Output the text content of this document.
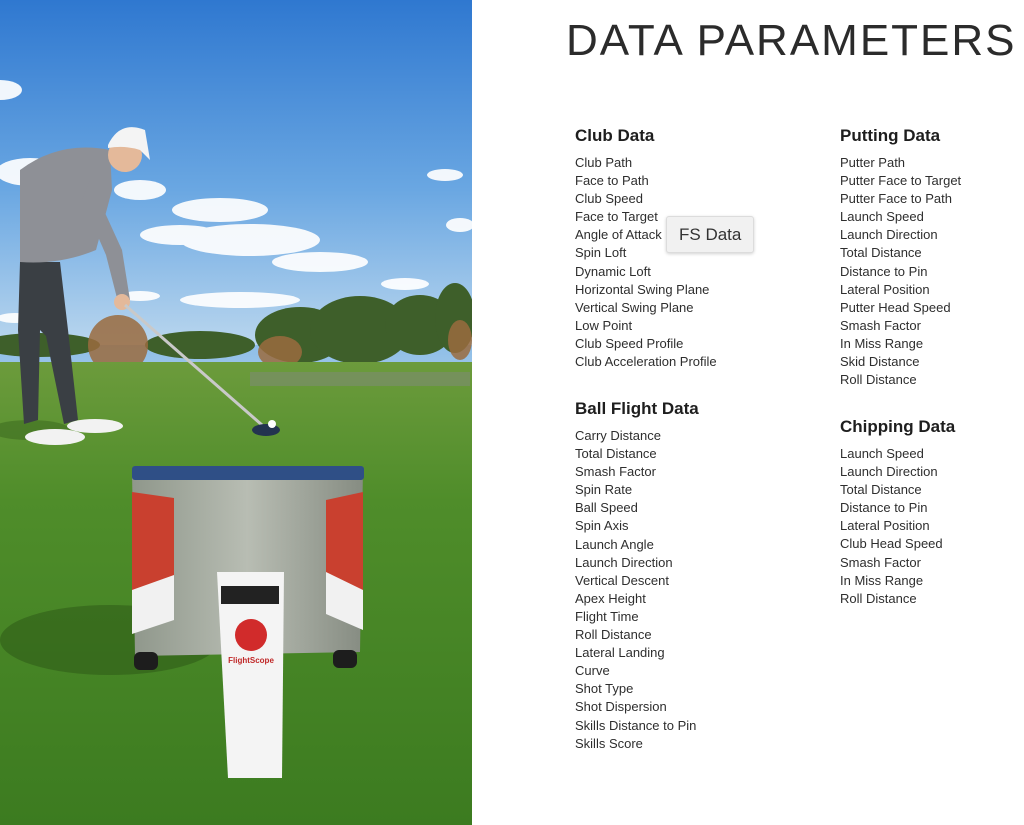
FlightScope
DATA PARAMETERS
Club Data
Club Path
Face to Path
Club Speed
Face to Target
Angle of Attack
Spin Loft
Dynamic Loft
Horizontal Swing Plane
Vertical Swing Plane
Low Point
Club Speed Profile
Club Acceleration Profile
Ball Flight Data
Carry Distance
Total Distance
Smash Factor
Spin Rate
Ball Speed
Spin Axis
Launch Angle
Launch Direction
Vertical Descent
Apex Height
Flight Time
Roll Distance
Lateral Landing
Curve
Shot Type
Shot Dispersion
Skills Distance to Pin
Skills Score
Putting Data
Putter Path
Putter Face to Target
Putter Face to Path
Launch Speed
Launch Direction
Total Distance
Distance to Pin
Lateral Position
Putter Head Speed
Smash Factor
In Miss Range
Skid Distance
Roll Distance
Chipping Data
Launch Speed
Launch Direction
Total Distance
Distance to Pin
Lateral Position
Club Head Speed
Smash Factor
In Miss Range
Roll Distance
FS Data
